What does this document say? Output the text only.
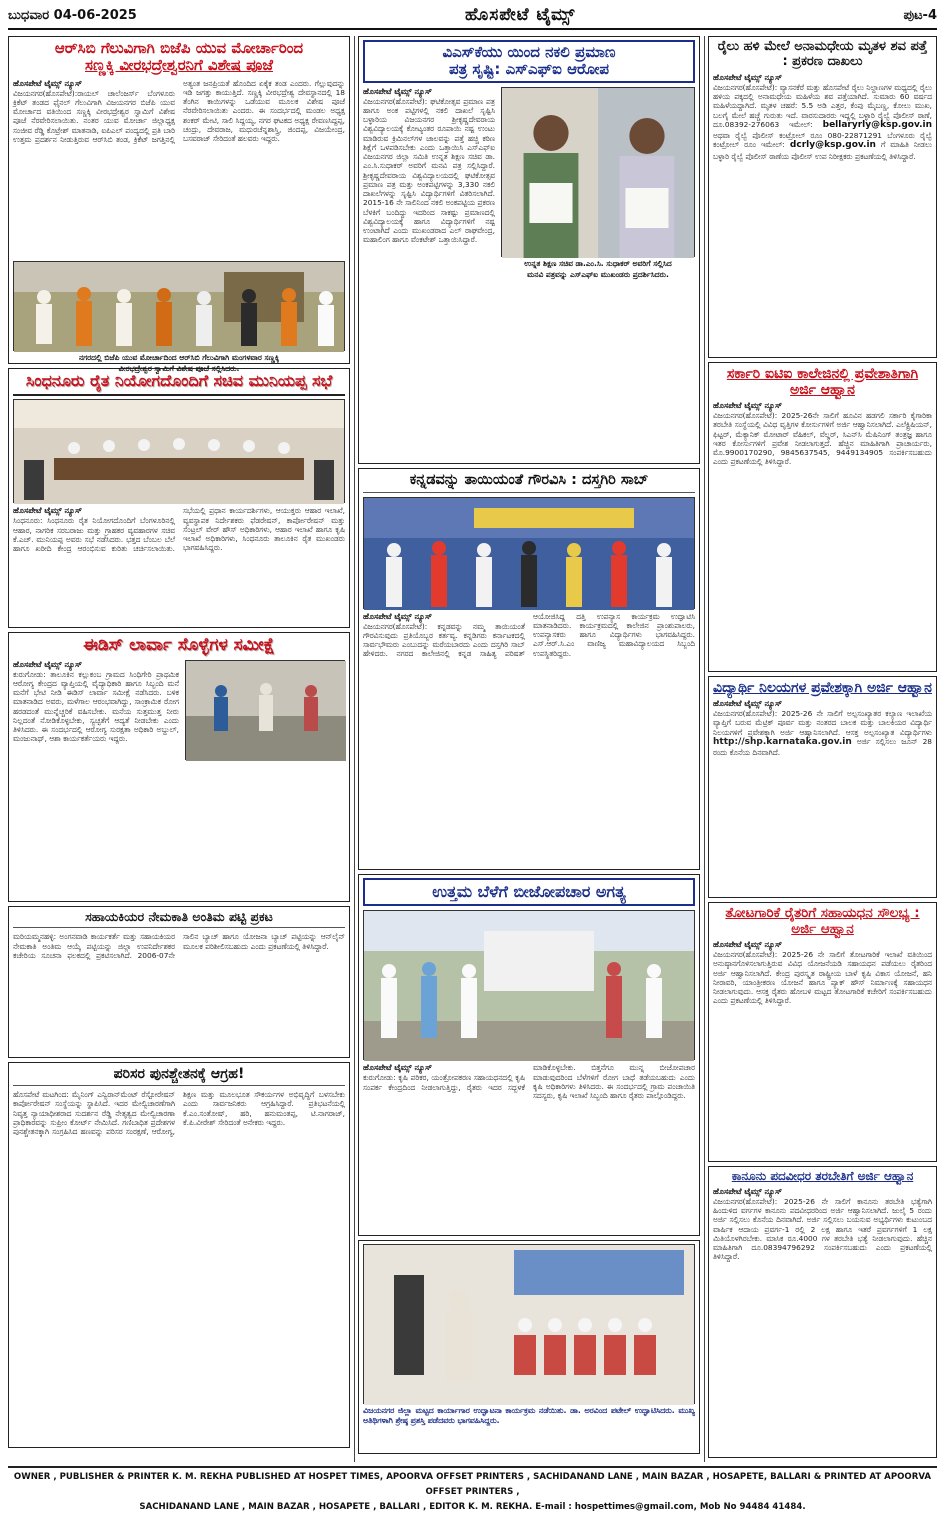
ಬುಧವಾರ 04-06-2025	ಹೊಸಪೇಟೆ ಟೈಮ್ಸ್	ಪುಟ-4
ಆರ್‌ಸಿಬಿ ಗೆಲುವಿಗಾಗಿ ಬಿಜೆಪಿ ಯುವ ಮೋರ್ಚಾರಿಂದ
ಸಣ್ಣಕ್ಕಿ ವೀರಭದ್ರೇಶ್ವರನಿಗೆ ವಿಶೇಷ ಪೂಜೆ
ಹೊಸಪೇಟೆ ಟೈಮ್ಸ್ ನ್ಯೂಸ್
ವಿಜಯನಗರ(ಹೊಸಪೇಟೆ):ರಾಯಲ್ ಚಾಲೆಂಜರ್ಸ್ ಬೆಂಗಳೂರು ಕ್ರಿಕೆಟ್ ತಂಡದ ಫೈನಲ್ ಗೆಲುವಿಗಾಗಿ ವಿಜಯನಗರ ಬಿಜೆಪಿ ಯುವ ಮೋರ್ಚಾದ ವತಿಯಿಂದ ಸಣ್ಣಕ್ಕಿ ವೀರಭದ್ರೇಶ್ವರ ಸ್ವಾಮಿಗೆ ವಿಶೇಷ ಪೂಜೆ ನೆರವೇರಿಸಲಾಯಿತು. ನಂತರ ಯುವ ಮೋರ್ಚಾ ಜಿಲ್ಲಾಧ್ಯಕ್ಷ ಸಂಜೀವ ರೆಡ್ಡಿ ಕೊಟ್ರೇಶ್ ಮಾತನಾಡಿ, ಐಪಿಎಲ್ ಪಂದ್ಯದಲ್ಲಿ ಪ್ರತಿ ಬಾರಿ ಉತ್ತಮ ಪ್ರದರ್ಶನ ನೀಡುತ್ತಿರುವ ಆರ್‌ಸಿಬಿ ತಂಡ, ಕ್ರಿಕೆಟ್ ಜಗತ್ತಿನಲ್ಲಿ ಅತ್ಯಂತ ಜನಪ್ರಿಯತೆ ಹೊಂದಿದ ಏಕೈಕ ತಂಡ ಎಂದರು. ಗೆಲ್ಲುವುದನ್ನು ಇಡಿ ಜಗತ್ತು ಕಾಯುತ್ತಿದೆ. ಸಣ್ಣಕ್ಕಿ ವೀರಭದ್ರೇಶ್ವ ದೇವಸ್ಥಾನದಲ್ಲಿ 18 ತೆಂಗಿನ ಕಾಯಿಗಳನ್ನು ಒಡೆಯುವ ಮೂಲಕ ವಿಶೇಷ ಪೂಜೆ ನೆರವೇರಿಸಲಾಯಿತು ಎಂದರು. ಈ ಸಂದರ್ಭದಲ್ಲಿ ಮಂಡಲ ಅಧ್ಯಕ್ಷ ಶಂಕರ್ ಮೇಟಿ, ಸಾಲಿ ಸಿದ್ದಯ್ಯ, ನಗರ ಘಟಕದ ಅಧ್ಯಕ್ಷ ರೇವಣಸಿದ್ದಪ್ಪ, ಚಂದ್ರು, ದೇವರಾಜ, ಮಧುರಚೆನ್ನಶಾಸ್ತ್ರಿ, ಜಿಂದಪ್ಪ, ವಿಜಯೇಂದ್ರ, ಬಸವರಾಜ್ ಸೇರಿದಂತೆ ಹಲವರು ಇದ್ದರು.
ನಗರದಲ್ಲಿ ಬಿಜೆಪಿ ಯುವ ಮೋರ್ಚಾದಿಂದ ಆರ್‌ಸಿಬಿ ಗೆಲುವಿಗಾಗಿ ಮಂಗಳವಾರ ಸಣ್ಣಕ್ಕಿ
ವೀರಭದ್ರೇಶ್ವರ ಸ್ವಾಮಿಗೆ ವಿಶೇಷ ಪೂಜೆ ಸಲ್ಲಿಸಿದರು.
ಸಿಂಧನೂರು ರೈತ ನಿಯೋಗದೊಂದಿಗೆ ಸಚಿವ ಮುನಿಯಪ್ಪ ಸಭೆ
ಹೊಸಪೇಟೆ ಟೈಮ್ಸ್ ನ್ಯೂಸ್
ಸಿಂಧನೂರು: ಸಿಂಧನೂರು ರೈತ ನಿಯೋಗದೊಂದಿಗೆ ಬೆಂಗಳೂರಿನಲ್ಲಿ ಆಹಾರ, ನಾಗರಿಕ ಸರಬರಾಜು ಮತ್ತು ಗ್ರಾಹಕರ ವ್ಯವಹಾರಗಳ ಸಚಿವ ಕೆ.ಎಚ್. ಮುನಿಯಪ್ಪ ಅವರು ಸಭೆ ನಡೆಸಿದರು. ಭತ್ತದ ಬೆಂಬಲ ಬೆಲೆ ಹಾಗೂ ಖರೀದಿ ಕೇಂದ್ರ ಆರಂಭಿಸುವ ಕುರಿತು ಚರ್ಚಿಸಲಾಯಿತು. ಸಭೆಯಲ್ಲಿ ಪ್ರಧಾನ ಕಾರ್ಯದರ್ಶಿಗಳು, ಆಯುಕ್ತರು ಆಹಾರ ಇಲಾಖೆ, ವ್ಯವಸ್ಥಾಪಕ ನಿರ್ದೇಶಕರು ಫೆಡರೇಷನ್, ಕಾರ್ಪೋರೇಷನ್ ಮತ್ತು ಸೆಂಟ್ರಲ್ ವೇರ್ ಹೌಸ್ ಅಧಿಕಾರಿಗಳು, ಆಹಾರ ಇಲಾಖೆ ಹಾಗೂ ಕೃಷಿ ಇಲಾಖೆ ಅಧಿಕಾರಿಗಳು, ಸಿಂಧನೂರು ತಾಲೂಕಿನ ರೈತ ಮುಖಂಡರು ಭಾಗವಹಿಸಿದ್ದರು.
ಈಡಿಸ್ ಲಾರ್ವಾ ಸೊಳ್ಳೆಗಳ ಸಮೀಕ್ಷೆ
ಹೊಸಪೇಟೆ ಟೈಮ್ಸ್ ನ್ಯೂಸ್
ಕುರುಗೋಡು: ತಾಲೂಕಿನ ಕಲ್ಲುಕಂಬ ಗ್ರಾಮದ ಸಿಂಧಿಗೇರಿ ಪ್ರಾಥಮಿಕ ಆರೋಗ್ಯ ಕೇಂದ್ರದ ವ್ಯಾಪ್ತಿಯಲ್ಲಿ ವೈದ್ಯಾಧಿಕಾರಿ ಹಾಗೂ ಸಿಬ್ಬಂದಿ ಮನೆ ಮನೆಗೆ ಭೇಟಿ ನೀಡಿ ಈಡಿಸ್ ಲಾರ್ವಾ ಸಮೀಕ್ಷೆ ನಡೆಸಿದರು. ಬಳಿಕ ಮಾತನಾಡಿದ ಅವರು, ಮಳೆಗಾಲ ಆರಂಭವಾಗಿದ್ದು, ಸಾಂಕ್ರಾಮಿಕ ರೋಗ ಹರಡದಂತೆ ಮುನ್ನೆಚ್ಚರಿಕೆ ವಹಿಸಬೇಕು. ಮನೆಯ ಸುತ್ತಮುತ್ತ ನೀರು ನಿಲ್ಲದಂತೆ ನೋಡಿಕೊಳ್ಳಬೇಕು, ಸ್ವಚ್ಛತೆಗೆ ಆದ್ಯತೆ ನೀಡಬೇಕು ಎಂದು ತಿಳಿಸಿದರು. ಈ ಸಂದರ್ಭದಲ್ಲಿ ಆರೋಗ್ಯ ಸುರಕ್ಷತಾ ಅಧಿಕಾರಿ ಅಬ್ದುಲ್, ಮಂಜುನಾಥ್, ಆಶಾ ಕಾರ್ಯಕರ್ತೆಯರು ಇದ್ದರು.
ಸಹಾಯಕಿಯರ ನೇಮಕಾತಿ ಅಂತಿಮ ಪಟ್ಟಿ ಪ್ರಕಟ
ಮರಿಯಮ್ಮನಹಳ್ಳಿ: ಅಂಗನವಾಡಿ ಕಾರ್ಯಕರ್ತೆ ಮತ್ತು ಸಹಾಯಕಿಯರ ನೇಮಕಾತಿ ಅಂತಿಮ ಆಯ್ಕೆ ಪಟ್ಟಿಯನ್ನು ಜಿಲ್ಲಾ ಉಪನಿರ್ದೇಶಕರ ಕಚೇರಿಯ ಸೂಚನಾ ಫಲಕದಲ್ಲಿ ಪ್ರಕಟಿಸಲಾಗಿದೆ. 2006-07ನೇ ಸಾಲಿನ ಬ್ಯಾಚ್ ಹಾಗೂ ಯೋಜನಾ ಬ್ಯಾಚ್ ಪಟ್ಟಿಯನ್ನು ಆನ್‌ಲೈನ್ ಮೂಲಕ ಪರಿಶೀಲಿಸಬಹುದು ಎಂದು ಪ್ರಕಟಣೆಯಲ್ಲಿ ತಿಳಿಸಿದ್ದಾರೆ.
ಪರಿಸರ ಪುನಶ್ಚೇತನಕ್ಕೆ ಆಗ್ರಹ!
ಹೊಸಪೇಟೆ ಮಟಗಿಂದ: ಮೈನಿಂಗ್ ಎನ್ವಿರಾನ್‌ಮೆಂಟ್ ರೆಸ್ಟೋರೇಷನ್ ಕಾರ್ಪೋರೇಷನ್ ಸಂಸ್ಥೆಯನ್ನು ಸ್ಥಾಪಿಸಿದೆ. ಇದರ ಮೇಲ್ವಿಚಾರಣೆಗಾಗಿ ನಿವೃತ್ತ ನ್ಯಾಯಾಧೀಶರಾದ ಸುದರ್ಶನ ರೆಡ್ಡಿ ನೇತೃತ್ವದ ಮೇಲ್ವಿಚಾರಣಾ ಪ್ರಾಧಿಕಾರವನ್ನು ಸುಪ್ರೀಂ ಕೋರ್ಟ್ ನೇಮಿಸಿದೆ. ಗಣಿಬಾಧಿತ ಪ್ರದೇಶಗಳ ಪುನಶ್ಚೇತನಕ್ಕಾಗಿ ಸಂಗ್ರಹಿಸಿದ ಹಣವನ್ನು ಪರಿಸರ ಸಂರಕ್ಷಣೆ, ಆರೋಗ್ಯ, ಶಿಕ್ಷಣ ಮತ್ತು ಮೂಲಭೂತ ಸೌಕರ್ಯಗಳ ಅಭಿವೃದ್ಧಿಗೆ ಬಳಸಬೇಕು ಎಂದು ಸಾರ್ವಜನಿಕರು ಆಗ್ರಹಿಸಿದ್ದಾರೆ. ಪ್ರತಿಭಟನೆಯಲ್ಲಿ ಕೆ.ಎಂ.ಸಂತೋಷ್, ಹರಿ, ಹನುಮಂತಪ್ಪ, ಟಿ.ನಾಗರಾಜ್, ಕೆ.ಪಿ.ವೀರೇಶ್ ಸೇರಿದಂತೆ ಅನೇಕರು ಇದ್ದರು.
ವಿಎಸ್‌ಕೆಯು ಯಿಂದ ನಕಲಿ ಪ್ರಮಾಣ
ಪತ್ರ ಸೃಷ್ಟಿ: ಎಸ್‌ಎಫ್‌ಐ ಆರೋಪ
ಹೊಸಪೇಟೆ ಟೈಮ್ಸ್ ನ್ಯೂಸ್
ವಿಜಯನಗರ(ಹೊಸಪೇಟೆ): ಘಟಿಕೋತ್ಸವ ಪ್ರಮಾಣ ಪತ್ರ ಹಾಗೂ ಅಂಕ ಪಟ್ಟಿಗಳಲ್ಲಿ ನಕಲಿ ದಾಖಲೆ ಸೃಷ್ಟಿಸಿ ಬಳ್ಳಾರಿಯ ವಿಜಯನಗರ ಶ್ರೀಕೃಷ್ಣದೇವರಾಯ ವಿಶ್ವವಿದ್ಯಾಲಯಕ್ಕೆ ಕೋಟ್ಯಂತರ ರೂಪಾಯಿ ನಷ್ಟ ಉಂಟು ಮಾಡಿರುವ ಕ್ರಿಮಿನಲ್‌ಗಳ ಜಾಲವನ್ನು ಪತ್ತೆ ಹಚ್ಚಿ ಕಠಿಣ ಶಿಕ್ಷೆಗೆ ಒಳಪಡಿಸಬೇಕು ಎಂದು ಒತ್ತಾಯಿಸಿ ಎಸ್‌ಎಫ್‌ಐ ವಿಜಯನಗರ ಜಿಲ್ಲಾ ಸಮಿತಿ ಉನ್ನತ ಶಿಕ್ಷಣ ಸಚಿವ ಡಾ. ಎಂ.ಸಿ.ಸುಧಾಕರ್ ಅವರಿಗೆ ಮನವಿ ಪತ್ರ ಸಲ್ಲಿಸಿದ್ದಾರೆ. ಶ್ರೀಕೃಷ್ಣದೇವರಾಯ ವಿಶ್ವವಿದ್ಯಾಲಯದಲ್ಲಿ ಘಟಿಕೋತ್ಸವ ಪ್ರಮಾಣ ಪತ್ರ ಮತ್ತು ಅಂಕಪಟ್ಟಿಗಳನ್ನು 3,330 ನಕಲಿ ದಾಖಲೆಗಳನ್ನು ಸೃಷ್ಟಿಸಿ ವಿದ್ಯಾರ್ಥಿಗಳಿಗೆ ವಿತರಿಸಲಾಗಿದೆ. 2015-16 ನೇ ಸಾಲಿನಿಂದ ನಕಲಿ ಅಂಕಪಟ್ಟಿಯ ಪ್ರಕರಣ ಬೆಳಕಿಗೆ ಬಂದಿದ್ದು ಇದರಿಂದ ಸಾಕಷ್ಟು ಪ್ರಮಾಣದಲ್ಲಿ ವಿಶ್ವವಿದ್ಯಾಲಯಕ್ಕೆ ಹಾಗೂ ವಿದ್ಯಾರ್ಥಿಗಳಿಗೆ ನಷ್ಟ ಉಂಟಾಗಿದೆ ಎಂದು ಮುಖಂಡರಾದ ಎಲ್ ರಾಘವೇಂದ್ರ, ಮಹಾಲಿಂಗ ಹಾಗೂ ವೆಂಕಟೇಶ್ ಒತ್ತಾಯಿಸಿದ್ದಾರೆ.
ಉನ್ನತ ಶಿಕ್ಷಣ ಸಚಿವ ಡಾ.ಎಂ.ಸಿ. ಸುಧಾಕರ್ ಅವರಿಗೆ ಸಲ್ಲಿಸಿದ
ಮನವಿ ಪತ್ರವನ್ನು ಎಸ್‌ಎಫ್‌ಐ ಮುಖಂಡರು ಪ್ರದರ್ಶಿಸಿದರು.
ಕನ್ನಡವನ್ನು ತಾಯಿಯಂತೆ ಗೌರವಿಸಿ : ದಸ್ತಗಿರಿ ಸಾಬ್
ಹೊಸಪೇಟೆ ಟೈಮ್ಸ್ ನ್ಯೂಸ್
ವಿಜಯನಗರ(ಹೊಸಪೇಟೆ): ಕನ್ನಡವನ್ನು ನಮ್ಮ ತಾಯಿಯಂತೆ ಗೌರವಿಸುವುದು ಪ್ರತಿಯೊಬ್ಬರ ಕರ್ತವ್ಯ. ಕನ್ನಡಿಗರು ಕರ್ನಾಟಕದಲ್ಲಿ ಸಾರ್ವಭೌಮರು ಎಂಬುದನ್ನು ಮರೆಯಬಾರದು ಎಂದು ದಸ್ತಗಿರಿ ಸಾಬ್ ಹೇಳಿದರು. ನಗರದ ಕಾಲೇಜಿನಲ್ಲಿ ಕನ್ನಡ ಸಾಹಿತ್ಯ ಪರಿಷತ್ ಆಯೋಜಿಸಿದ್ದ ದತ್ತಿ ಉಪನ್ಯಾಸ ಕಾರ್ಯಕ್ರಮ ಉದ್ಘಾಟಿಸಿ ಮಾತನಾಡಿದರು. ಕಾರ್ಯಕ್ರಮದಲ್ಲಿ ಕಾಲೇಜಿನ ಪ್ರಾಂಶುಪಾಲರು, ಉಪನ್ಯಾಸಕರು ಹಾಗೂ ವಿದ್ಯಾರ್ಥಿಗಳು ಭಾಗವಹಿಸಿದ್ದರು. ಎಸ್.ಆರ್.ಸಿ.ಎಂ ವಾಣಿಜ್ಯ ಮಹಾವಿದ್ಯಾಲಯದ ಸಿಬ್ಬಂದಿ ಉಪಸ್ಥಿತರಿದ್ದರು.
ಉತ್ತಮ ಬೆಳೆಗೆ ಬೀಜೋಪಚಾರ ಅಗತ್ಯ
ಹೊಸಪೇಟೆ ಟೈಮ್ಸ್ ನ್ಯೂಸ್
ಕುರುಗೋಡು: ಕೃಷಿ ಪರಿಕರ, ಯಂತ್ರೋಪಕರಣ ಸಹಾಯಧನದಲ್ಲಿ ಕೃಷಿ ಸಂಪರ್ಕ ಕೇಂದ್ರದಿಂದ ನೀಡಲಾಗುತ್ತಿದ್ದು, ರೈತರು ಇದರ ಸದ್ಬಳಕೆ ಮಾಡಿಕೊಳ್ಳಬೇಕು. ಬಿತ್ತನೆಗೂ ಮುನ್ನ ಬೀಜೋಪಚಾರ ಮಾಡುವುದರಿಂದ ಬೆಳೆಗಳಿಗೆ ರೋಗ ಬಾಧೆ ತಡೆಯಬಹುದು ಎಂದು ಕೃಷಿ ಅಧಿಕಾರಿಗಳು ತಿಳಿಸಿದರು. ಈ ಸಂದರ್ಭದಲ್ಲಿ ಗ್ರಾಮ ಪಂಚಾಯಿತಿ ಸದಸ್ಯರು, ಕೃಷಿ ಇಲಾಖೆ ಸಿಬ್ಬಂದಿ ಹಾಗೂ ರೈತರು ಪಾಲ್ಗೊಂಡಿದ್ದರು.
ವಿಜಯನಗರ ಜಿಲ್ಲಾ ಮಟ್ಟದ ಕಾರ್ಯಾಗಾರ ಉದ್ಘಾಟನಾ ಕಾರ್ಯಕ್ರಮ ನಡೆಯಿತು. ಡಾ. ಅರವಿಂದ ಪಟೇಲ್ ಉದ್ಘಾಟಿಸಿದರು. ಮುಖ್ಯ ಅತಿಥಿಗಳಾಗಿ ಶ್ರೇಷ್ಠ ಪ್ರಶಸ್ತಿ ಪಡೆದವರು ಭಾಗವಹಿಸಿದ್ದರು.
ರೈಲು ಹಳಿ ಮೇಲೆ ಅನಾಮಧೇಯ ಮೃತಳ ಶವ ಪತ್ತೆ : ಪ್ರಕರಣ ದಾಖಲು
ಹೊಸಪೇಟೆ ಟೈಮ್ಸ್ ನ್ಯೂಸ್
ವಿಜಯನಗರ(ಹೊಸಪೇಟೆ): ವ್ಯಾಸನಕೆರೆ ಮತ್ತು ಹೊಸಪೇಟೆ ರೈಲು ನಿಲ್ದಾಣಗಳ ಮಧ್ಯದಲ್ಲಿ ರೈಲು ಹಳಿಯ ಪಕ್ಕದಲ್ಲಿ ಅನಾಮಧೇಯ ಮಹಿಳೆಯ ಶವ ಪತ್ತೆಯಾಗಿದೆ. ಸುಮಾರು 60 ವರ್ಷದ ಮಹಿಳೆಯದ್ದಾಗಿದೆ. ಮೃತಳ ಚಹರೆ: 5.5 ಅಡಿ ಎತ್ತರ, ಕೆಂಪು ಮೈಬಣ್ಣ, ಕೋಲು ಮುಖ, ಬಲಗೈ ಮೇಲೆ ಹಚ್ಚೆ ಗುರುತು ಇದೆ. ವಾರಸುದಾರರು ಇದ್ದಲ್ಲಿ ಬಳ್ಳಾರಿ ರೈಲ್ವೆ ಪೊಲೀಸ್ ಠಾಣೆ, ದೂ.08392-276063 ಇಮೇಲ್: bellaryrly@ksp.gov.in ಅಥವಾ ರೈಲ್ವೆ ಪೊಲೀಸ್ ಕಂಟ್ರೋಲ್ ರೂಂ 080-22871291 ಬೆಂಗಳೂರು ರೈಲ್ವೆ ಕಂಟ್ರೋಲ್ ರೂಂ ಇಮೇಲ್: dcrly@ksp.gov.in ಗೆ ಮಾಹಿತಿ ನೀಡಲು ಬಳ್ಳಾರಿ ರೈಲ್ವೆ ಪೊಲೀಸ್ ಠಾಣೆಯ ಪೊಲೀಸ್ ಉಪ ನಿರೀಕ್ಷಕರು ಪ್ರಕಟಣೆಯಲ್ಲಿ ತಿಳಿಸಿದ್ದಾರೆ.
ಸರ್ಕಾರಿ ಐಟಿಐ ಕಾಲೇಜಿನಲ್ಲಿ ಪ್ರವೇಶಾತಿಗಾಗಿ ಅರ್ಜಿ ಆಹ್ವಾನ
ಹೊಸಪೇಟೆ ಟೈಮ್ಸ್ ನ್ಯೂಸ್
ವಿಜಯನಗರ(ಹೊಸಪೇಟೆ): 2025-26ನೇ ಸಾಲಿಗೆ ಹೂವಿನ ಹಡಗಲಿ ಸರ್ಕಾರಿ ಕೈಗಾರಿಕಾ ತರಬೇತಿ ಸಂಸ್ಥೆಯಲ್ಲಿ ವಿವಿಧ ವೃತ್ತಿಗಳ ಕೋರ್ಸುಗಳಿಗೆ ಅರ್ಜಿ ಆಹ್ವಾನಿಸಲಾಗಿದೆ. ಎಲೆಕ್ಟ್ರಿಷಿಯನ್, ಫಿಟ್ಟರ್, ಮೆಕ್ಯಾನಿಕ್ ಮೋಟಾರ್ ವೆಹಿಕಲ್, ವೆಲ್ಡರ್, ಸಿಎನ್‌ಸಿ ಮೆಷಿನಿಂಗ್ ತಂತ್ರಜ್ಞ ಹಾಗೂ ಇತರ ಕೋರ್ಸುಗಳಿಗೆ ಪ್ರವೇಶ ನೀಡಲಾಗುತ್ತದೆ. ಹೆಚ್ಚಿನ ಮಾಹಿತಿಗಾಗಿ ಪ್ರಾಚಾರ್ಯರು, ಮೊ.9900170290, 9845637545, 9449134905 ಸಂಪರ್ಕಿಸಬಹುದು ಎಂದು ಪ್ರಕಟಣೆಯಲ್ಲಿ ತಿಳಿಸಿದ್ದಾರೆ.
ವಿದ್ಯಾರ್ಥಿ ನಿಲಯಗಳ ಪ್ರವೇಶಕ್ಕಾಗಿ ಅರ್ಜಿ ಆಹ್ವಾನ
ಹೊಸಪೇಟೆ ಟೈಮ್ಸ್ ನ್ಯೂಸ್
ವಿಜಯನಗರ(ಹೊಸಪೇಟೆ): 2025-26 ನೇ ಸಾಲಿಗೆ ಅಲ್ಪಸಂಖ್ಯಾತರ ಕಲ್ಯಾಣ ಇಲಾಖೆಯ ವ್ಯಾಪ್ತಿಗೆ ಬರುವ ಮೆಟ್ರಿಕ್ ಪೂರ್ವ ಮತ್ತು ನಂತರದ ಬಾಲಕ ಮತ್ತು ಬಾಲಕಿಯರ ವಿದ್ಯಾರ್ಥಿ ನಿಲಯಗಳಿಗೆ ಪ್ರವೇಶಕ್ಕಾಗಿ ಅರ್ಜಿ ಆಹ್ವಾನಿಸಲಾಗಿದೆ. ಆಸಕ್ತ ಅಲ್ಪಸಂಖ್ಯಾತ ವಿದ್ಯಾರ್ಥಿಗಳು http://shp.karnataka.gov.in ಅರ್ಜಿ ಸಲ್ಲಿಸಲು ಜೂನ್ 28 ರಂದು ಕೊನೆಯ ದಿನವಾಗಿದೆ.
ತೋಟಗಾರಿಕೆ ರೈತರಿಗೆ ಸಹಾಯಧನ ಸೌಲಭ್ಯ : ಅರ್ಜಿ ಆಹ್ವಾನ
ಹೊಸಪೇಟೆ ಟೈಮ್ಸ್ ನ್ಯೂಸ್
ವಿಜಯನಗರ(ಹೊಸಪೇಟೆ): 2025-26 ನೇ ಸಾಲಿಗೆ ತೋಟಗಾರಿಕೆ ಇಲಾಖೆ ವತಿಯಿಂದ ಅನುಷ್ಠಾನಗೊಳಿಸಲಾಗುತ್ತಿರುವ ವಿವಿಧ ಯೋಜನೆಯಡಿ ಸಹಾಯಧನ ಪಡೆಯಲು ರೈತರಿಂದ ಅರ್ಜಿ ಆಹ್ವಾನಿಸಲಾಗಿದೆ. ಕೇಂದ್ರ ಪುರಸ್ಕೃತ ರಾಷ್ಟ್ರೀಯ ಬಾಳೆ ಕೃಷಿ ವಿಕಾಸ ಯೋಜನೆ, ಹನಿ ನೀರಾವರಿ, ಯಾಂತ್ರೀಕರಣ ಯೋಜನೆ ಹಾಗೂ ಪ್ಯಾಕ್ ಹೌಸ್ ನಿರ್ಮಾಣಕ್ಕೆ ಸಹಾಯಧನ ನೀಡಲಾಗುವುದು. ಆಸಕ್ತ ರೈತರು ಹೋಬಳಿ ಮಟ್ಟದ ತೋಟಗಾರಿಕೆ ಕಚೇರಿಗೆ ಸಂಪರ್ಕಿಸಬಹುದು ಎಂದು ಪ್ರಕಟಣೆಯಲ್ಲಿ ತಿಳಿಸಿದ್ದಾರೆ.
ಕಾನೂನು ಪದವೀಧರ ತರಬೇತಿಗೆ ಅರ್ಜಿ ಆಹ್ವಾನ
ಹೊಸಪೇಟೆ ಟೈಮ್ಸ್ ನ್ಯೂಸ್
ವಿಜಯನಗರ(ಹೊಸಪೇಟೆ): 2025-26 ನೇ ಸಾಲಿಗೆ ಕಾನೂನು ತರಬೇತಿ ಭತ್ಯೆಗಾಗಿ ಹಿಂದುಳಿದ ವರ್ಗಗಳ ಕಾನೂನು ಪದವೀಧರರಿಂದ ಅರ್ಜಿ ಆಹ್ವಾನಿಸಲಾಗಿದೆ. ಜುಲೈ 5 ರಂದು ಅರ್ಜಿ ಸಲ್ಲಿಸಲು ಕೊನೆಯ ದಿನವಾಗಿದೆ. ಅರ್ಜಿ ಸಲ್ಲಿಸಲು ಬಯಸುವ ಅಭ್ಯರ್ಥಿಗಳು ಕುಟುಂಬದ ವಾರ್ಷಿಕ ಆದಾಯ ಪ್ರವರ್ಗ-1 ರಲ್ಲಿ 2 ಲಕ್ಷ ಹಾಗೂ ಇತರೆ ಪ್ರವರ್ಗಗಳಿಗೆ 1 ಲಕ್ಷ ಮಿತಿಯೊಳಗಿರಬೇಕು. ಮಾಸಿಕ ರೂ.4000 ಗಳ ತರಬೇತಿ ಭತ್ಯೆ ನೀಡಲಾಗುವುದು. ಹೆಚ್ಚಿನ ಮಾಹಿತಿಗಾಗಿ ದೂ.08394796292 ಸಂಪರ್ಕಿಸಬಹುದು ಎಂದು ಪ್ರಕಟಣೆಯಲ್ಲಿ ತಿಳಿಸಿದ್ದಾರೆ.
OWNER , PUBLISHER & PRINTER K. M. REKHA PUBLISHED AT HOSPET TIMES, APOORVA OFFSET PRINTERS , SACHIDANAND LANE , MAIN BAZAR , HOSAPETE, BALLARI & PRINTED AT APOORVA OFFSET PRINTERS ,
SACHIDANAND LANE , MAIN BAZAR , HOSAPETE , BALLARI , EDITOR K. M. REKHA. E-mail : hospettimes@gmail.com, Mob No 94484 41484.
